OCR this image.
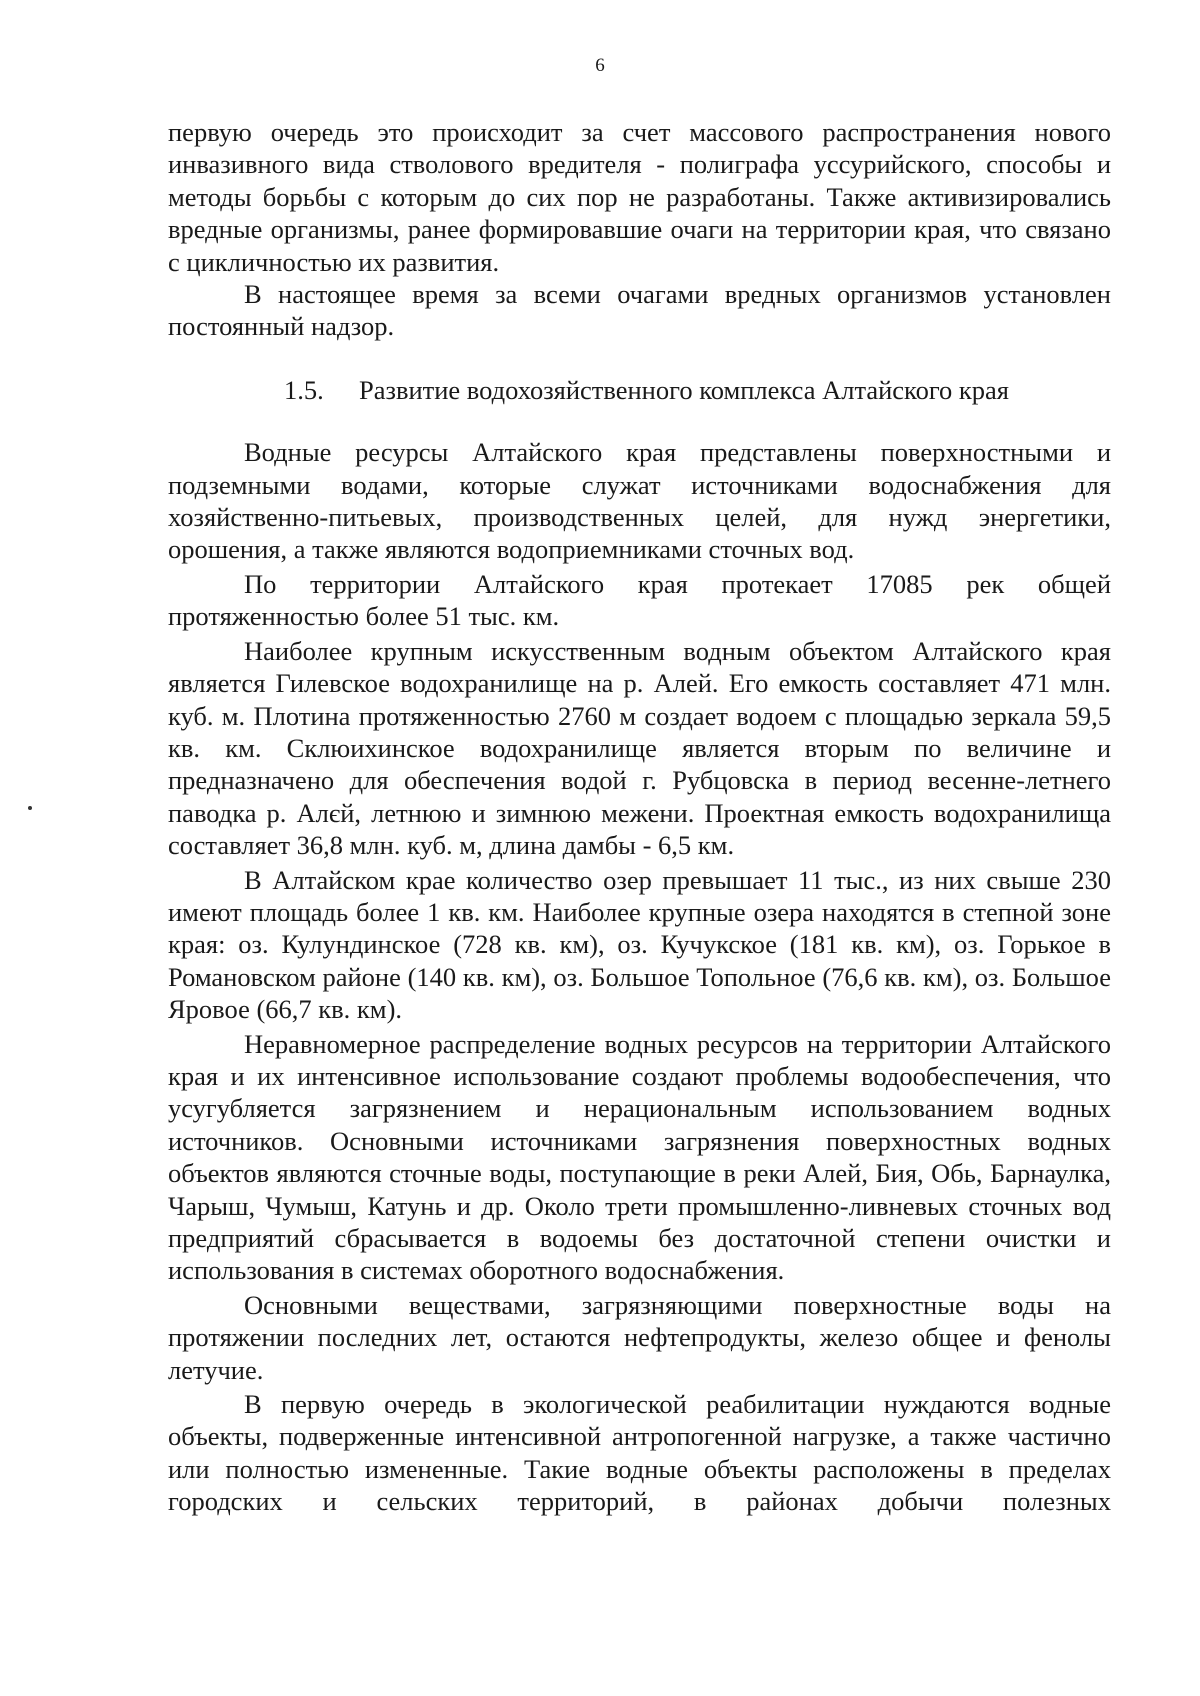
6

первую очередь это происходит за счет массового распространения нового инвазивного вида стволового вредителя - полиграфа уссурийского, способы и методы борьбы с которым до сих пор не разработаны. Также активизировались вредные организмы, ранее формировавшие очаги на территории края, что связано с цикличностью их развития.

В настоящее время за всеми очагами вредных организмов установлен постоянный надзор.

1.5. Развитие водохозяйственного комплекса Алтайского края

Водные ресурсы Алтайского края представлены поверхностными и подземными водами, которые служат источниками водоснабжения для хозяйственно-питьевых, производственных целей, для нужд энергетики, орошения, а также являются водоприемниками сточных вод.

По территории Алтайского края протекает 17085 рек общей протяженностью более 51 тыс. км.

Наиболее крупным искусственным водным объектом Алтайского края является Гилевское водохранилище на р. Алей. Его емкость составляет 471 млн. куб. м. Плотина протяженностью 2760 м создает водоем с площадью зеркала 59,5 кв. км. Склюихинское водохранилище является вторым по величине и предназначено для обеспечения водой г. Рубцовска в период весенне-летнего паводка р. Алєй, летнюю и зимнюю межени. Проектная емкость водохранилища составляет 36,8 млн. куб. м, длина дамбы - 6,5 км.

В Алтайском крае количество озер превышает 11 тыс., из них свыше 230 имеют площадь более 1 кв. км. Наиболее крупные озера находятся в степной зоне края: оз. Кулундинское (728 кв. км), оз. Кучукское (181 кв. км), оз. Горькое в Романовском районе (140 кв. км), оз. Большое Топольное (76,6 кв. км), оз. Большое Яровое (66,7 кв. км).

Неравномерное распределение водных ресурсов на территории Алтайского края и их интенсивное использование создают проблемы водообеспечения, что усугубляется загрязнением и нерациональным использованием водных источников. Основными источниками загрязнения поверхностных водных объектов являются сточные воды, поступающие в реки Алей, Бия, Обь, Барнаулка, Чарыш, Чумыш, Катунь и др. Около трети промышленно-ливневых сточных вод предприятий сбрасывается в водоемы без достаточной степени очистки и использования в системах оборотного водоснабжения.

Основными веществами, загрязняющими поверхностные воды на протяжении последних лет, остаются нефтепродукты, железо общее и фенолы летучие.

В первую очередь в экологической реабилитации нуждаются водные объекты, подверженные интенсивной антропогенной нагрузке, а также частично или полностью измененные. Такие водные объекты расположены в пределах городских и сельских территорий, в районах добычи полезных
